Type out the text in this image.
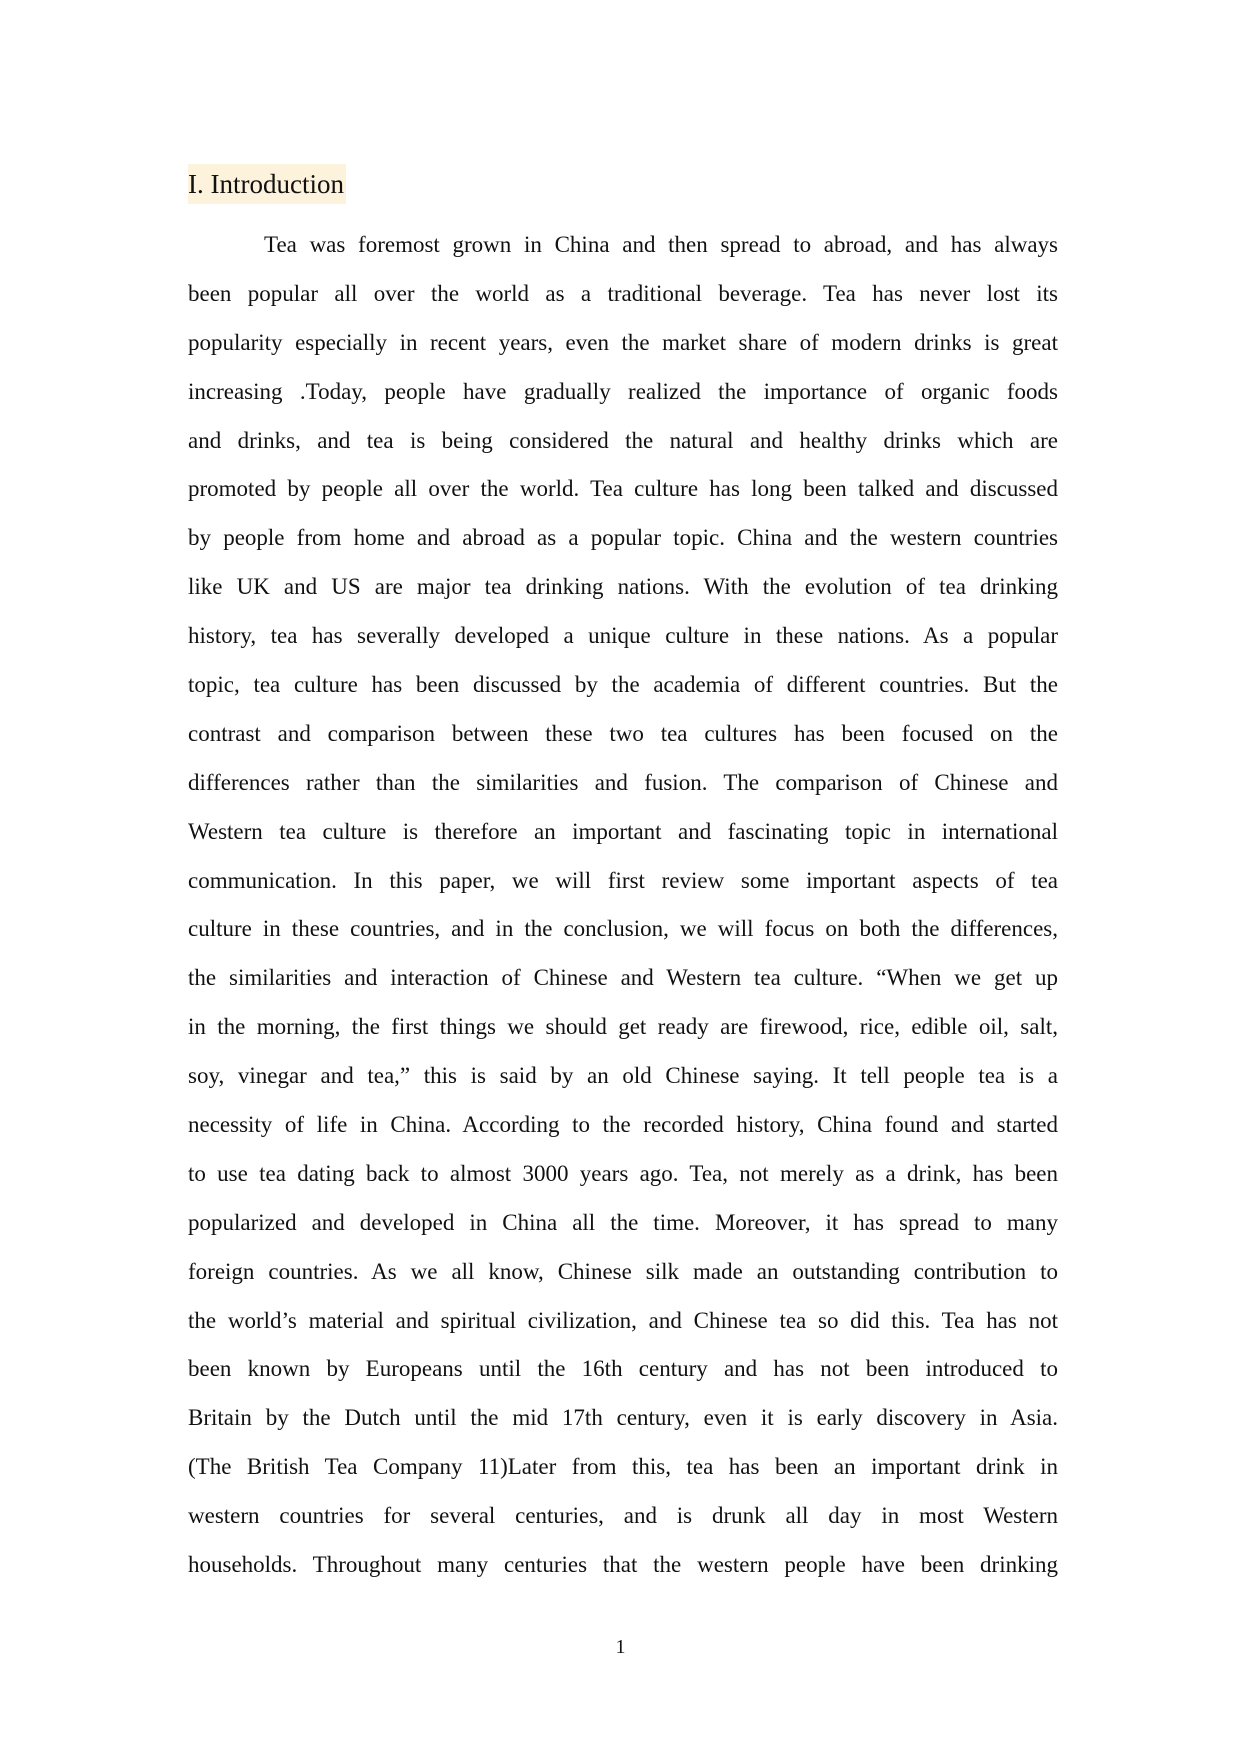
I. Introduction
Tea was foremost grown in China and then spread to abroad, and has always
been popular all over the world as a traditional beverage. Tea has never lost its
popularity especially in recent years, even the market share of modern drinks is great
increasing .Today, people have gradually realized the importance of organic foods
and drinks, and tea is being considered the natural and healthy drinks which are
promoted by people all over the world. Tea culture has long been talked and discussed
by people from home and abroad as a popular topic. China and the western countries
like UK and US are major tea drinking nations. With the evolution of tea drinking
history, tea has severally developed a unique culture in these nations. As a popular
topic, tea culture has been discussed by the academia of different countries. But the
contrast and comparison between these two tea cultures has been focused on the
differences rather than the similarities and fusion. The comparison of Chinese and
Western tea culture is therefore an important and fascinating topic in international
communication. In this paper, we will first review some important aspects of tea
culture in these countries, and in the conclusion, we will focus on both the differences,
the similarities and interaction of Chinese and Western tea culture. “When we get up
in the morning, the first things we should get ready are firewood, rice, edible oil, salt,
soy, vinegar and tea,” this is said by an old Chinese saying. It tell people tea is a
necessity of life in China. According to the recorded history, China found and started
to use tea dating back to almost 3000 years ago. Tea, not merely as a drink, has been
popularized and developed in China all the time. Moreover, it has spread to many
foreign countries. As we all know, Chinese silk made an outstanding contribution to
the world’s material and spiritual civilization, and Chinese tea so did this. Tea has not
been known by Europeans until the 16th century and has not been introduced to
Britain by the Dutch until the mid 17th century, even it is early discovery in Asia.
(The British Tea Company 11)Later from this, tea has been an important drink in
western countries for several centuries, and is drunk all day in most Western
households. Throughout many centuries that the western people have been drinking
1
